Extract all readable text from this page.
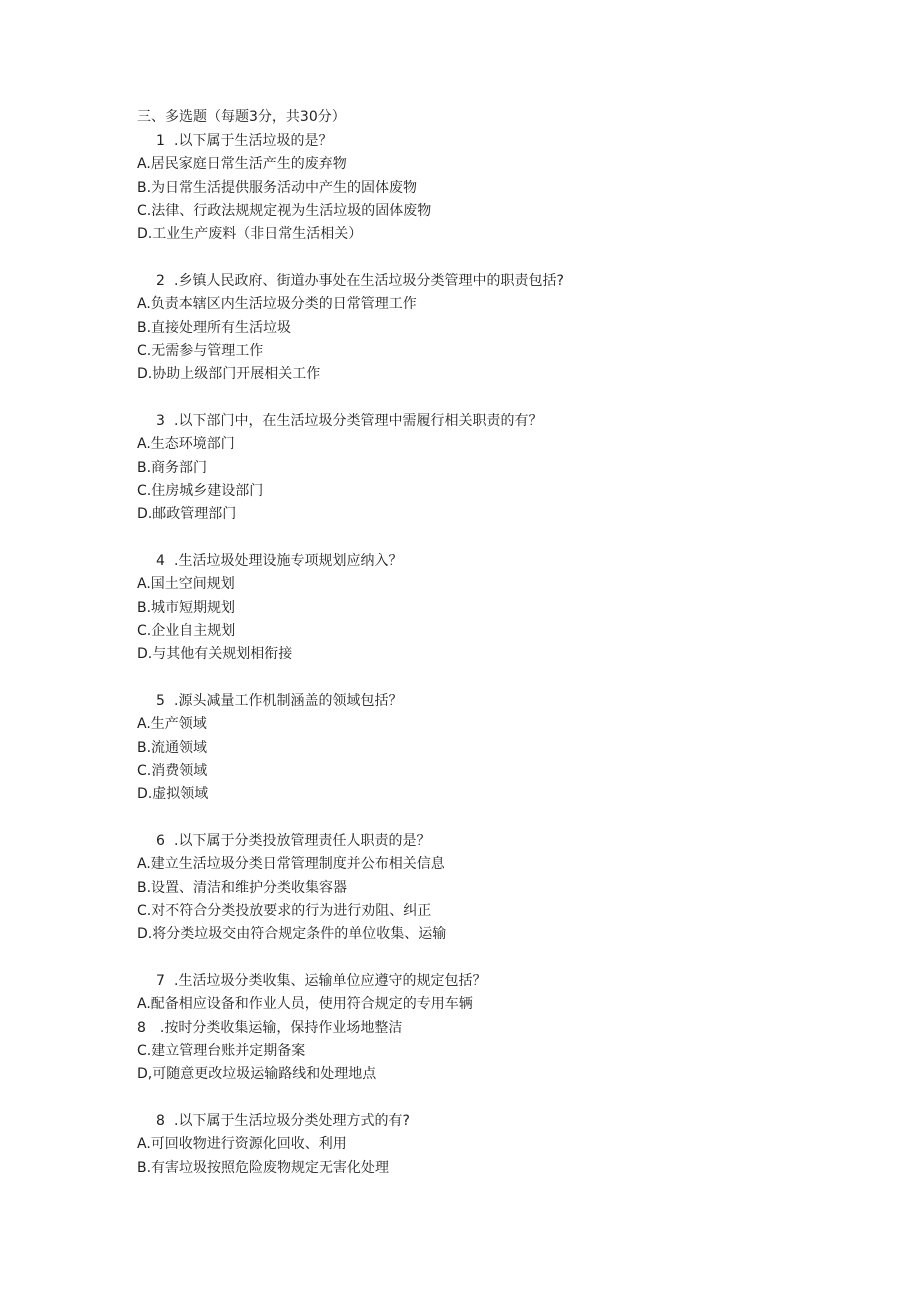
三、多选题（每题3分，共30分）
1 .以下属于生活垃圾的是？
A.居民家庭日常生活产生的废弃物
B.为日常生活提供服务活动中产生的固体废物
C.法律、行政法规规定视为生活垃圾的固体废物
D.工业生产废料（非日常生活相关）
2 .乡镇人民政府、街道办事处在生活垃圾分类管理中的职责包括?
A.负责本辖区内生活垃圾分类的日常管理工作
B.直接处理所有生活垃圾
C.无需参与管理工作
D.协助上级部门开展相关工作
3 .以下部门中，在生活垃圾分类管理中需履行相关职责的有？
A.生态环境部门
B.商务部门
C.住房城乡建设部门
D.邮政管理部门
4 .生活垃圾处理设施专项规划应纳入？
A.国土空间规划
B.城市短期规划
C.企业自主规划
D.与其他有关规划相衔接
5 .源头减量工作机制涵盖的领域包括？
A.生产领域
B.流通领域
C.消费领域
D.虚拟领域
6 .以下属于分类投放管理责任人职责的是？
A.建立生活垃圾分类日常管理制度并公布相关信息
B.设置、清洁和维护分类收集容器
C.对不符合分类投放要求的行为进行劝阻、纠正
D.将分类垃圾交由符合规定条件的单位收集、运输
7 .生活垃圾分类收集、运输单位应遵守的规定包括？
A.配备相应设备和作业人员，使用符合规定的专用车辆
8　.按时分类收集运输，保持作业场地整洁
C.建立管理台账并定期备案
D,可随意更改垃圾运输路线和处理地点
8 .以下属于生活垃圾分类处理方式的有?
A.可回收物进行资源化回收、利用
B.有害垃圾按照危险废物规定无害化处理
